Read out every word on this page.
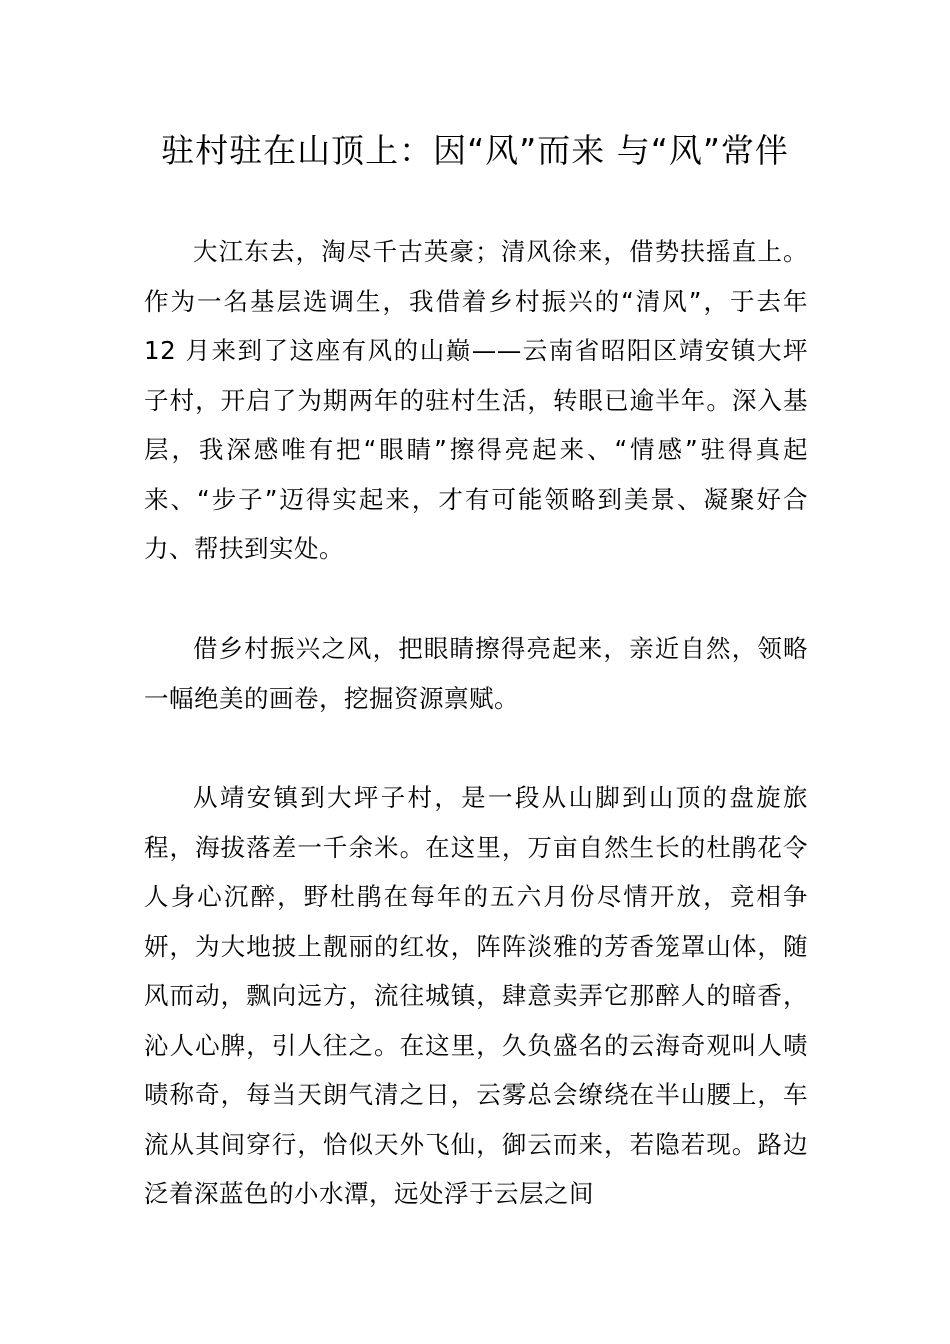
驻村驻在山顶上：因“风”而来 与“风”常伴

大江东去，淘尽千古英豪；清风徐来，借势扶摇直上。作为一名基层选调生，我借着乡村振兴的“清风”，于去年 12 月来到了这座有风的山巅——云南省昭阳区靖安镇大坪子村，开启了为期两年的驻村生活，转眼已逾半年。深入基层，我深感唯有把“眼睛”擦得亮起来、“情感”驻得真起来、“步子”迈得实起来，才有可能领略到美景、凝聚好合力、帮扶到实处。

借乡村振兴之风，把眼睛擦得亮起来，亲近自然，领略一幅绝美的画卷，挖掘资源禀赋。

从靖安镇到大坪子村，是一段从山脚到山顶的盘旋旅程，海拔落差一千余米。在这里，万亩自然生长的杜鹃花令人身心沉醉，野杜鹃在每年的五六月份尽情开放，竞相争妍，为大地披上靓丽的红妆，阵阵淡雅的芳香笼罩山体，随风而动，飘向远方，流往城镇，肆意卖弄它那醉人的暗香，沁人心脾，引人往之。在这里，久负盛名的云海奇观叫人啧啧称奇，每当天朗气清之日，云雾总会缭绕在半山腰上，车流从其间穿行，恰似天外飞仙，御云而来，若隐若现。路边泛着深蓝色的小水潭，远处浮于云层之间
